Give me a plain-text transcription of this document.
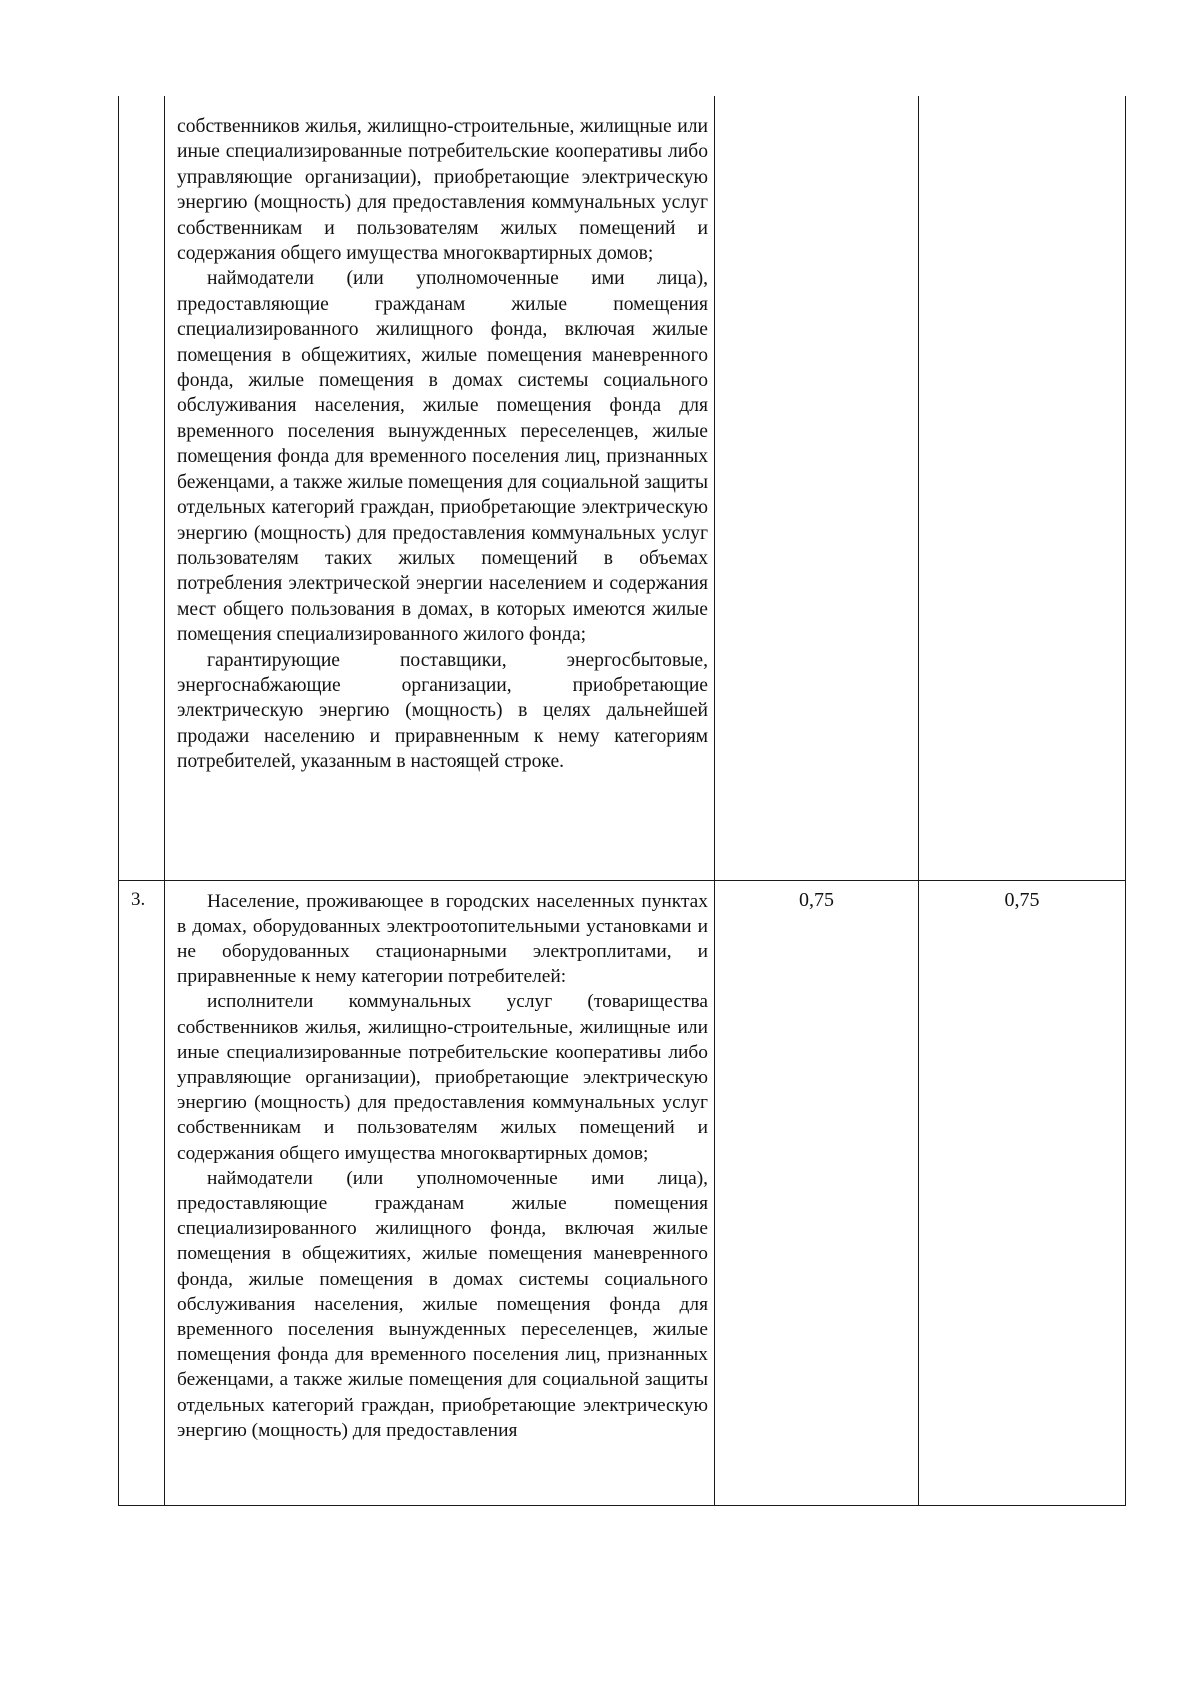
	собственников жилья, жилищно-строительные, жилищные или иные специализированные потребительские кооперативы либо управляющие организации), приобретающие электрическую энергию (мощность) для предоставления коммунальных услуг собственникам и пользователям жилых помещений и содержания общего имущества многоквартирных домов;

наймодатели (или уполномоченные ими лица), предоставляющие гражданам жилые помещения специализированного жилищного фонда, включая жилые помещения в общежитиях, жилые помещения маневренного фонда, жилые помещения в домах системы социального обслуживания населения, жилые помещения фонда для временного поселения вынужденных переселенцев, жилые помещения фонда для временного поселения лиц, признанных беженцами, а также жилые помещения для социальной защиты отдельных категорий граждан, приобретающие электрическую энергию (мощность) для предоставления коммунальных услуг пользователям таких жилых помещений в объемах потребления электрической энергии населением и содержания мест общего пользования в домах, в которых имеются жилые помещения специализированного жилого фонда;

гарантирующие поставщики, энергосбытовые, энергоснабжающие организации, приобретающие электрическую энергию (мощность) в целях дальнейшей продажи населению и приравненным к нему категориям потребителей, указанным в настоящей строке.		

3.	Население, проживающее в городских населенных пунктах в домах, оборудованных электроотопительными установками и не оборудованных стационарными электроплитами, и приравненные к нему категории потребителей:

исполнители коммунальных услуг (товарищества собственников жилья, жилищно-строительные, жилищные или иные специализированные потребительские кооперативы либо управляющие организации), приобретающие электрическую энергию (мощность) для предоставления коммунальных услуг собственникам и пользователям жилых помещений и содержания общего имущества многоквартирных домов;

наймодатели (или уполномоченные ими лица), предоставляющие гражданам жилые помещения специализированного жилищного фонда, включая жилые помещения в общежитиях, жилые помещения маневренного фонда, жилые помещения в домах системы социального обслуживания населения, жилые помещения фонда для временного поселения вынужденных переселенцев, жилые помещения фонда для временного поселения лиц, признанных беженцами, а также жилые помещения для социальной защиты отдельных категорий граждан, приобретающие электрическую энергию (мощность) для предоставления	0,75	0,75
